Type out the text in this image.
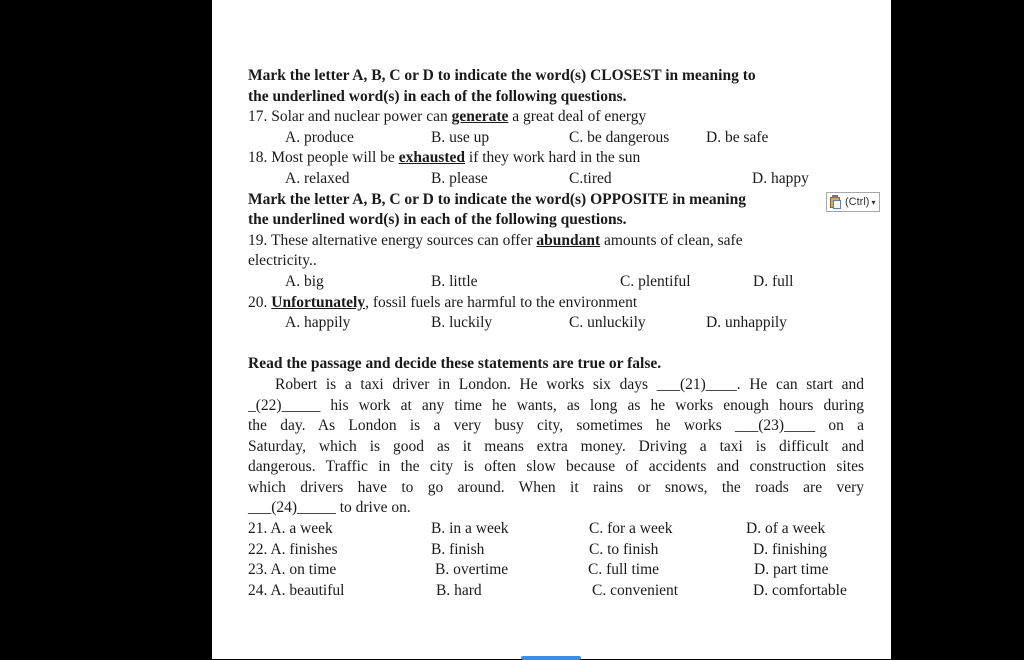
Mark the letter A, B, C or D to indicate the word(s) CLOSEST in meaning to
the underlined word(s) in each of the following questions.
17. Solar and nuclear power can generate a great deal of energy
A. produce	B. use up	C. be dangerous D. be safe
18. Most people will be exhausted if they work hard in the sun
A. relaxed	B. please	C.tired	D. happy
Mark the letter A, B, C or D to indicate the word(s) OPPOSITE in meaning
the underlined word(s) in each of the following questions.
19. These alternative energy sources can offer abundant amounts of clean, safe
electricity..
A. big	B. little	C. plentiful	D. full
20. Unfortunately, fossil fuels are harmful to the environment
A. happily	B. luckily	C. unluckily	D. unhappily
Read the passage and decide these statements are true or false.
Robert is a taxi driver in London. He works six days ___(21)____. He can start and
_(22)_____ his work at any time he wants, as long as he works enough hours during
the day. As London is a very busy city, sometimes he works ___(23)____ on a
Saturday, which is good as it means extra money. Driving a taxi is difficult and
dangerous. Traffic in the city is often slow because of accidents and construction sites
which drivers have to go around. When it rains or snows, the roads are very
___(24)_____ to drive on.
21. A. a week	B. in a week	C. for a week	D. of a week
22. A. finishes	B. finish	C. to finish	D. finishing
23. A. on time	B. overtime	C. full time	D. part time
24. A. beautiful	B. hard	C. convenient	D. comfortable
(Ctrl) ▾
